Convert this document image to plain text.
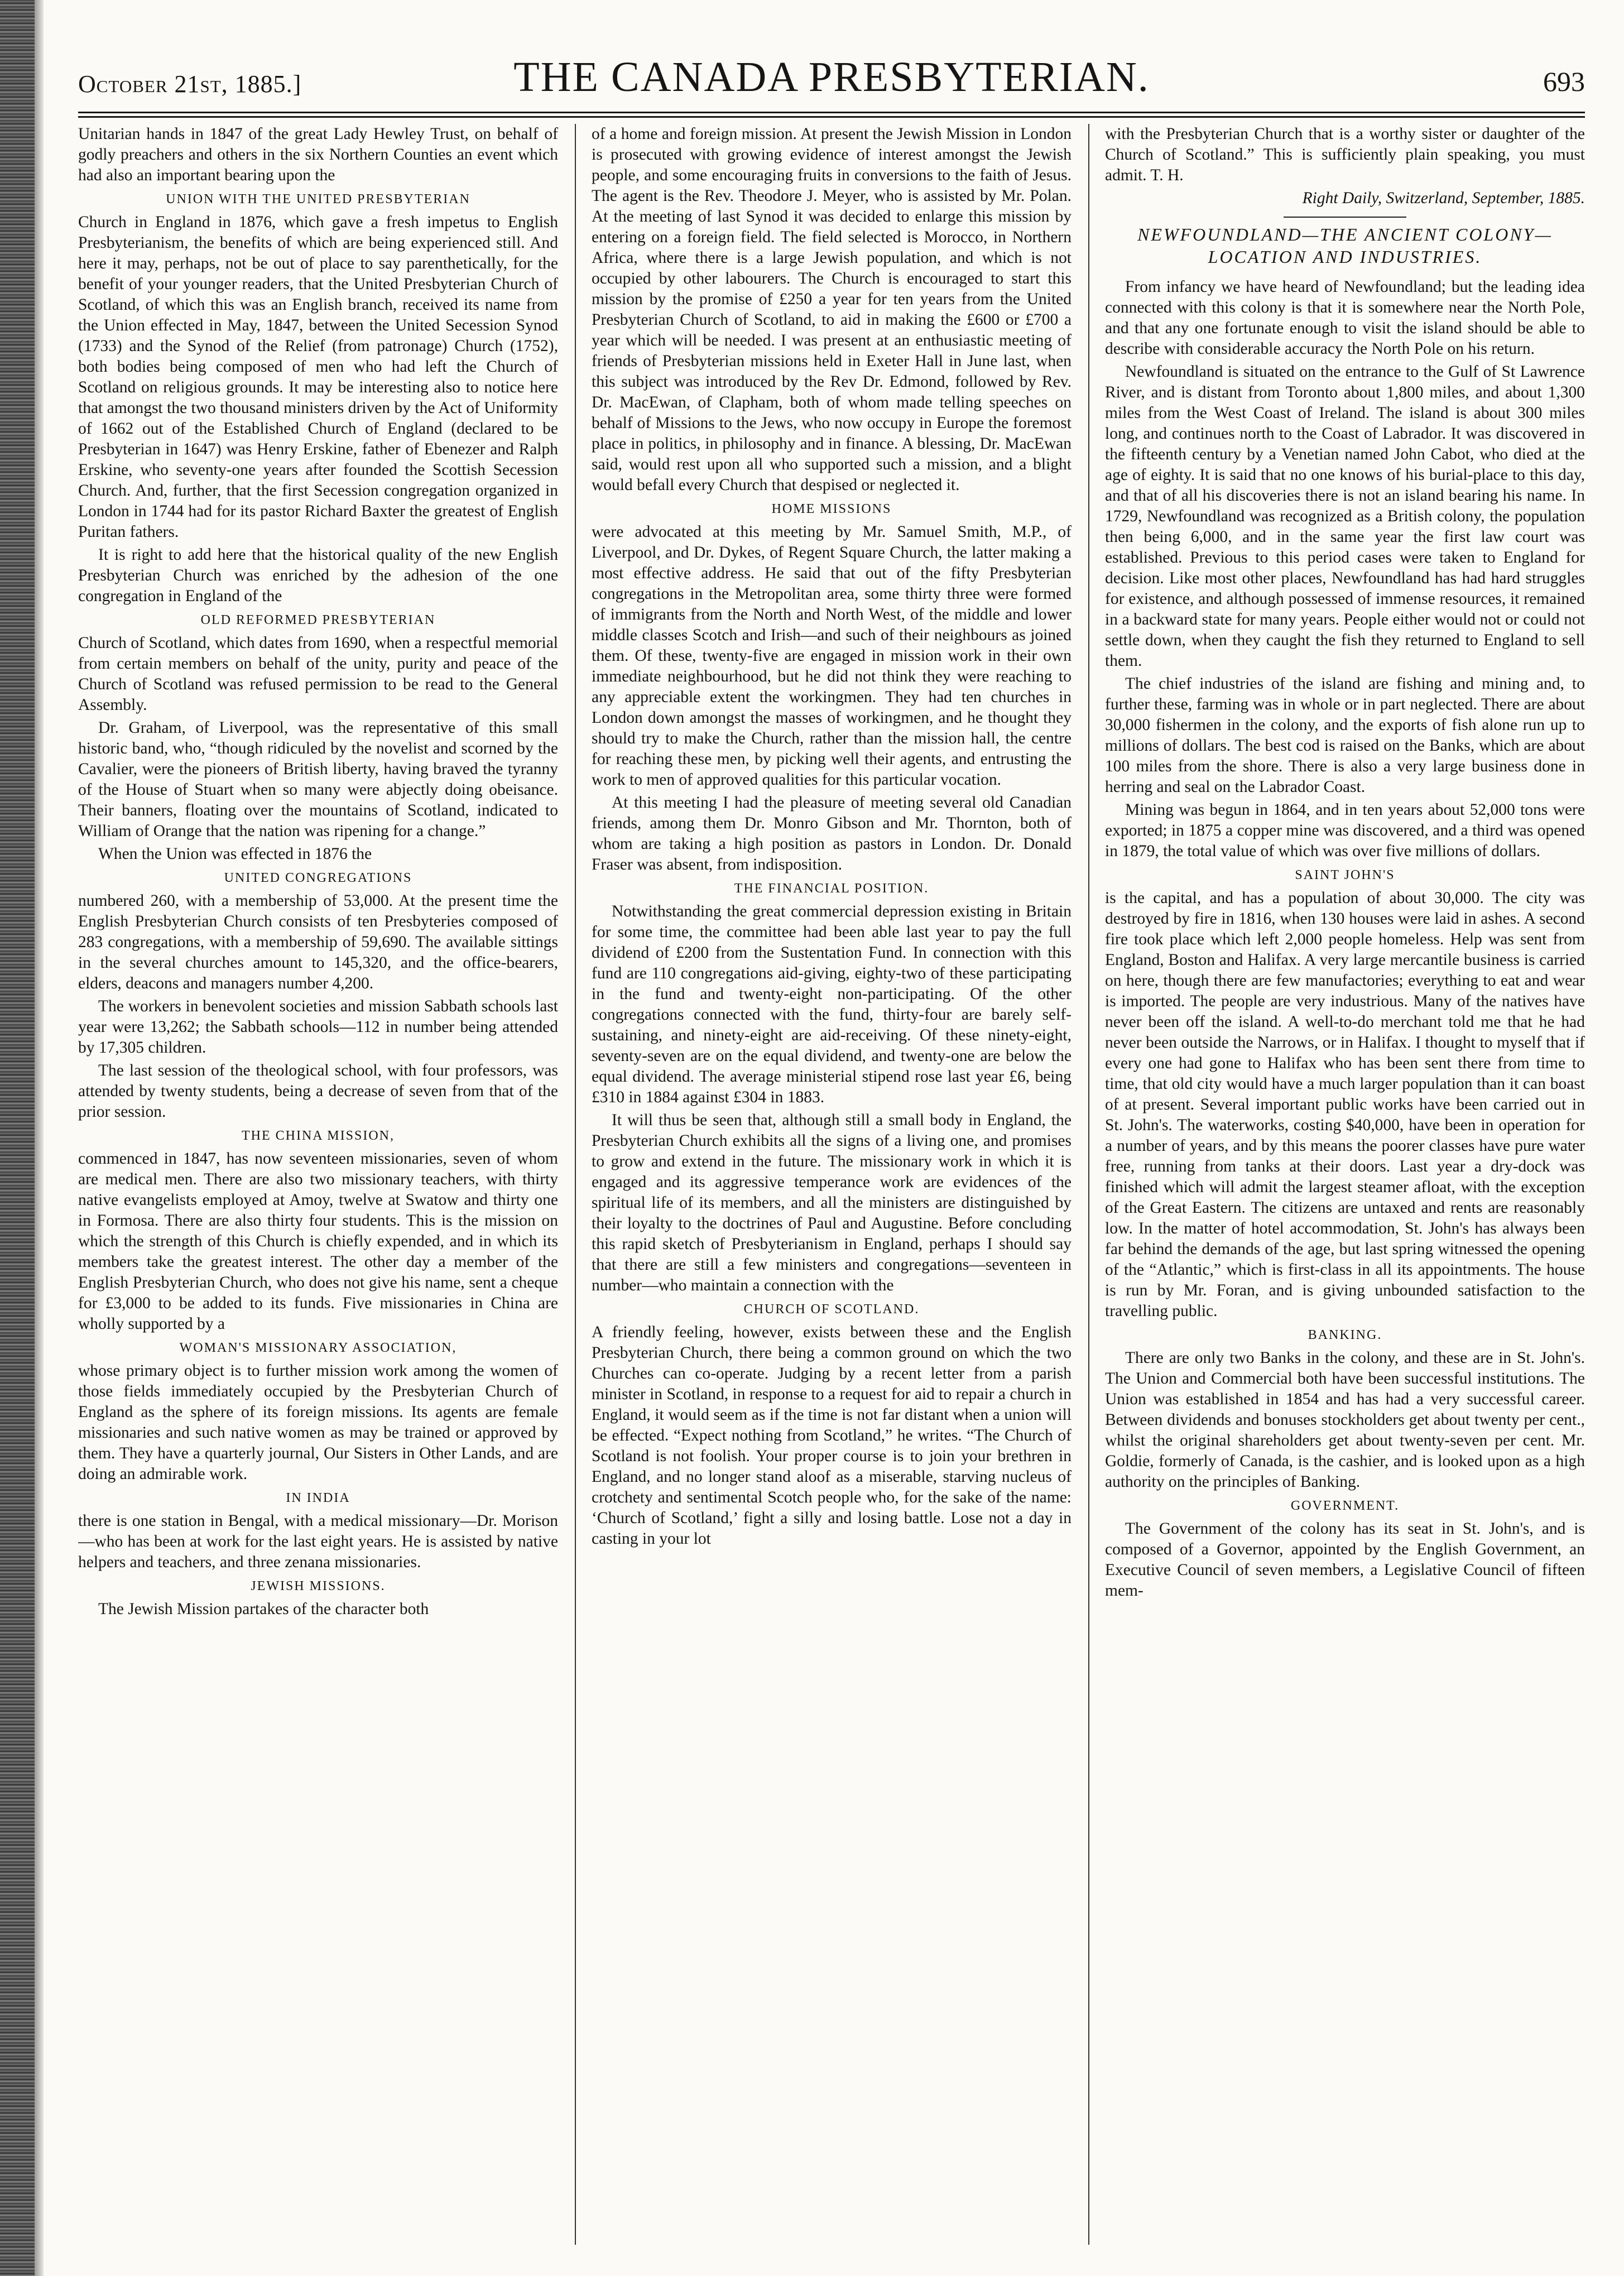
October 21st, 1885.]	THE CANADA PRESBYTERIAN.	693

Unitarian hands in 1847 of the great Lady Hewley Trust, on behalf of godly preachers and others in the six Northern Counties an event which had also an important bearing upon the

UNION WITH THE UNITED PRESBYTERIAN

Church in England in 1876, which gave a fresh impetus to English Presbyterianism, the benefits of which are being experienced still. And here it may, perhaps, not be out of place to say parenthetically, for the benefit of your younger readers, that the United Presbyterian Church of Scotland, of which this was an English branch, received its name from the Union effected in May, 1847, between the United Secession Synod (1733) and the Synod of the Relief (from patronage) Church (1752), both bodies being composed of men who had left the Church of Scotland on religious grounds. It may be interesting also to notice here that amongst the two thousand ministers driven by the Act of Uniformity of 1662 out of the Established Church of England (declared to be Presbyterian in 1647) was Henry Erskine, father of Ebenezer and Ralph Erskine, who seventy-one years after founded the Scottish Secession Church. And, further, that the first Secession congregation organized in London in 1744 had for its pastor Richard Baxter the greatest of English Puritan fathers.

It is right to add here that the historical quality of the new English Presbyterian Church was enriched by the adhesion of the one congregation in England of the

OLD REFORMED PRESBYTERIAN

Church of Scotland, which dates from 1690, when a respectful memorial from certain members on behalf of the unity, purity and peace of the Church of Scotland was refused permission to be read to the General Assembly.

Dr. Graham, of Liverpool, was the representative of this small historic band, who, “though ridiculed by the novelist and scorned by the Cavalier, were the pioneers of British liberty, having braved the tyranny of the House of Stuart when so many were abjectly doing obeisance. Their banners, floating over the mountains of Scotland, indicated to William of Orange that the nation was ripening for a change.”

When the Union was effected in 1876 the

UNITED CONGREGATIONS

numbered 260, with a membership of 53,000. At the present time the English Presbyterian Church consists of ten Presbyteries composed of 283 congregations, with a membership of 59,690. The available sittings in the several churches amount to 145,320, and the office-bearers, elders, deacons and managers number 4,200.

The workers in benevolent societies and mission Sabbath schools last year were 13,262; the Sabbath schools—112 in number being attended by 17,305 children.

The last session of the theological school, with four professors, was attended by twenty students, being a decrease of seven from that of the prior session.

THE CHINA MISSION,

commenced in 1847, has now seventeen missionaries, seven of whom are medical men. There are also two missionary teachers, with thirty native evangelists employed at Amoy, twelve at Swatow and thirty one in Formosa. There are also thirty four students. This is the mission on which the strength of this Church is chiefly expended, and in which its members take the greatest interest. The other day a member of the English Presbyterian Church, who does not give his name, sent a cheque for £3,000 to be added to its funds. Five missionaries in China are wholly supported by a

WOMAN'S MISSIONARY ASSOCIATION,

whose primary object is to further mission work among the women of those fields immediately occupied by the Presbyterian Church of England as the sphere of its foreign missions. Its agents are female missionaries and such native women as may be trained or approved by them. They have a quarterly journal, Our Sisters in Other Lands, and are doing an admirable work.

IN INDIA

there is one station in Bengal, with a medical missionary—Dr. Morison—who has been at work for the last eight years. He is assisted by native helpers and teachers, and three zenana missionaries.

JEWISH MISSIONS.

The Jewish Mission partakes of the character both

of a home and foreign mission. At present the Jewish Mission in London is prosecuted with growing evidence of interest amongst the Jewish people, and some encouraging fruits in conversions to the faith of Jesus. The agent is the Rev. Theodore J. Meyer, who is assisted by Mr. Polan. At the meeting of last Synod it was decided to enlarge this mission by entering on a foreign field. The field selected is Morocco, in Northern Africa, where there is a large Jewish population, and which is not occupied by other labourers. The Church is encouraged to start this mission by the promise of £250 a year for ten years from the United Presbyterian Church of Scotland, to aid in making the £600 or £700 a year which will be needed. I was present at an enthusiastic meeting of friends of Presbyterian missions held in Exeter Hall in June last, when this subject was introduced by the Rev Dr. Edmond, followed by Rev. Dr. MacEwan, of Clapham, both of whom made telling speeches on behalf of Missions to the Jews, who now occupy in Europe the foremost place in politics, in philosophy and in finance. A blessing, Dr. MacEwan said, would rest upon all who supported such a mission, and a blight would befall every Church that despised or neglected it.

HOME MISSIONS

were advocated at this meeting by Mr. Samuel Smith, M.P., of Liverpool, and Dr. Dykes, of Regent Square Church, the latter making a most effective address. He said that out of the fifty Presbyterian congregations in the Metropolitan area, some thirty three were formed of immigrants from the North and North West, of the middle and lower middle classes Scotch and Irish—and such of their neighbours as joined them. Of these, twenty-five are engaged in mission work in their own immediate neighbourhood, but he did not think they were reaching to any appreciable extent the workingmen. They had ten churches in London down amongst the masses of workingmen, and he thought they should try to make the Church, rather than the mission hall, the centre for reaching these men, by picking well their agents, and entrusting the work to men of approved qualities for this particular vocation.

At this meeting I had the pleasure of meeting several old Canadian friends, among them Dr. Monro Gibson and Mr. Thornton, both of whom are taking a high position as pastors in London. Dr. Donald Fraser was absent, from indisposition.

THE FINANCIAL POSITION.

Notwithstanding the great commercial depression existing in Britain for some time, the committee had been able last year to pay the full dividend of £200 from the Sustentation Fund. In connection with this fund are 110 congregations aid-giving, eighty-two of these participating in the fund and twenty-eight non-participating. Of the other congregations connected with the fund, thirty-four are barely self-sustaining, and ninety-eight are aid-receiving. Of these ninety-eight, seventy-seven are on the equal dividend, and twenty-one are below the equal dividend. The average ministerial stipend rose last year £6, being £310 in 1884 against £304 in 1883.

It will thus be seen that, although still a small body in England, the Presbyterian Church exhibits all the signs of a living one, and promises to grow and extend in the future. The missionary work in which it is engaged and its aggressive temperance work are evidences of the spiritual life of its members, and all the ministers are distinguished by their loyalty to the doctrines of Paul and Augustine. Before concluding this rapid sketch of Presbyterianism in England, perhaps I should say that there are still a few ministers and congregations—seventeen in number—who maintain a connection with the

CHURCH OF SCOTLAND.

A friendly feeling, however, exists between these and the English Presbyterian Church, there being a common ground on which the two Churches can co-operate. Judging by a recent letter from a parish minister in Scotland, in response to a request for aid to repair a church in England, it would seem as if the time is not far distant when a union will be effected. “Expect nothing from Scotland,” he writes. “The Church of Scotland is not foolish. Your proper course is to join your brethren in England, and no longer stand aloof as a miserable, starving nucleus of crotchety and sentimental Scotch people who, for the sake of the name: ‘Church of Scotland,’ fight a silly and losing battle. Lose not a day in casting in your lot

with the Presbyterian Church that is a worthy sister or daughter of the Church of Scotland.” This is sufficiently plain speaking, you must admit. T. H.

Right Daily, Switzerland, September, 1885.

NEWFOUNDLAND—THE ANCIENT COLONY—LOCATION AND INDUSTRIES.

From infancy we have heard of Newfoundland; but the leading idea connected with this colony is that it is somewhere near the North Pole, and that any one fortunate enough to visit the island should be able to describe with considerable accuracy the North Pole on his return.

Newfoundland is situated on the entrance to the Gulf of St Lawrence River, and is distant from Toronto about 1,800 miles, and about 1,300 miles from the West Coast of Ireland. The island is about 300 miles long, and continues north to the Coast of Labrador. It was discovered in the fifteenth century by a Venetian named John Cabot, who died at the age of eighty. It is said that no one knows of his burial-place to this day, and that of all his discoveries there is not an island bearing his name. In 1729, Newfoundland was recognized as a British colony, the population then being 6,000, and in the same year the first law court was established. Previous to this period cases were taken to England for decision. Like most other places, Newfoundland has had hard struggles for existence, and although possessed of immense resources, it remained in a backward state for many years. People either would not or could not settle down, when they caught the fish they returned to England to sell them.

The chief industries of the island are fishing and mining and, to further these, farming was in whole or in part neglected. There are about 30,000 fishermen in the colony, and the exports of fish alone run up to millions of dollars. The best cod is raised on the Banks, which are about 100 miles from the shore. There is also a very large business done in herring and seal on the Labrador Coast.

Mining was begun in 1864, and in ten years about 52,000 tons were exported; in 1875 a copper mine was discovered, and a third was opened in 1879, the total value of which was over five millions of dollars.

SAINT JOHN'S

is the capital, and has a population of about 30,000. The city was destroyed by fire in 1816, when 130 houses were laid in ashes. A second fire took place which left 2,000 people homeless. Help was sent from England, Boston and Halifax. A very large mercantile business is carried on here, though there are few manufactories; everything to eat and wear is imported. The people are very industrious. Many of the natives have never been off the island. A well-to-do merchant told me that he had never been outside the Narrows, or in Halifax. I thought to myself that if every one had gone to Halifax who has been sent there from time to time, that old city would have a much larger population than it can boast of at present. Several important public works have been carried out in St. John's. The waterworks, costing $40,000, have been in operation for a number of years, and by this means the poorer classes have pure water free, running from tanks at their doors. Last year a dry-dock was finished which will admit the largest steamer afloat, with the exception of the Great Eastern. The citizens are untaxed and rents are reasonably low. In the matter of hotel accommodation, St. John's has always been far behind the demands of the age, but last spring witnessed the opening of the “Atlantic,” which is first-class in all its appointments. The house is run by Mr. Foran, and is giving unbounded satisfaction to the travelling public.

BANKING.

There are only two Banks in the colony, and these are in St. John's. The Union and Commercial both have been successful institutions. The Union was established in 1854 and has had a very successful career. Between dividends and bonuses stockholders get about twenty per cent., whilst the original shareholders get about twenty-seven per cent. Mr. Goldie, formerly of Canada, is the cashier, and is looked upon as a high authority on the principles of Banking.

GOVERNMENT.

The Government of the colony has its seat in St. John's, and is composed of a Governor, appointed by the English Government, an Executive Council of seven members, a Legislative Council of fifteen mem-
